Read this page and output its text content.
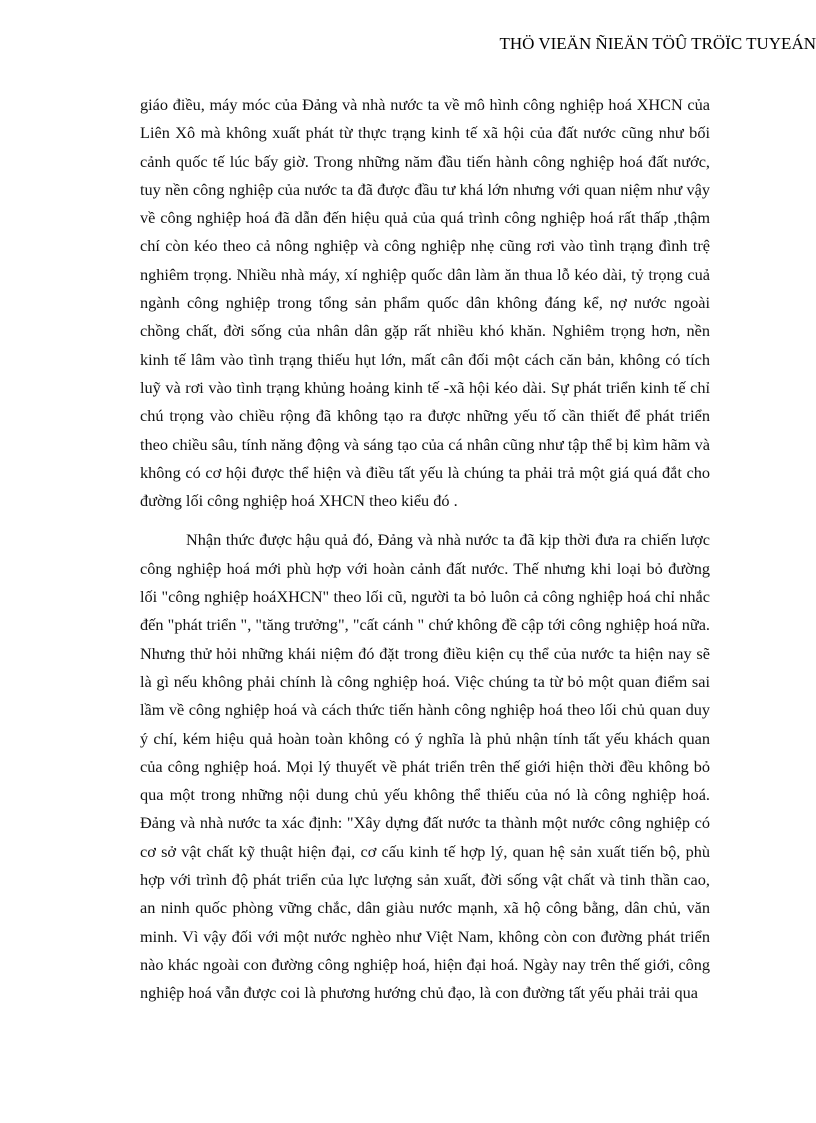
THÖ VIEÄN ÑIEÄN TÖÛ TRÖÏC TUYEÁN

giáo điều, máy móc của Đảng và nhà nước ta về mô hình công nghiệp hoá XHCN của Liên Xô mà không xuất phát từ thực trạng kinh tế xã hội của đất nước cũng như bối cảnh quốc tế lúc bấy giờ. Trong những năm đầu tiến hành công nghiệp hoá đất nước, tuy nền công nghiệp của nước ta đã được đầu tư khá lớn nhưng với quan niệm như vậy về công nghiệp hoá đã dẫn đến hiệu quả của quá trình công nghiệp hoá rất thấp ,thậm chí còn kéo theo cả nông nghiệp và công nghiệp nhẹ cũng rơi vào tình trạng đình trệ nghiêm trọng. Nhiều nhà máy, xí nghiệp quốc dân làm ăn thua lỗ kéo dài, tỷ trọng cuả ngành công nghiệp trong tổng sản phẩm quốc dân không đáng kể, nợ nước ngoài chồng chất, đời sống của nhân dân gặp rất nhiều khó khăn. Nghiêm trọng hơn, nền kinh tế lâm vào tình trạng thiếu hụt lớn, mất cân đối một cách căn bản, không có tích luỹ và rơi vào tình trạng khủng hoảng kinh tế -xã hội kéo dài. Sự phát triển kinh tế chỉ chú trọng vào chiều rộng đã không tạo ra được những yếu tố cần thiết để phát triển theo chiều sâu, tính năng động và sáng tạo của cá nhân cũng như tập thể bị kìm hãm và không có cơ hội được thể hiện và điều tất yếu là chúng ta phải trả một giá quá đắt cho đường lối công nghiệp hoá XHCN theo kiểu đó .

Nhận thức được hậu quả đó, Đảng và nhà nước ta đã kịp thời đưa ra chiến lược công nghiệp hoá mới phù hợp với hoàn cảnh đất nước. Thế nhưng khi loại bỏ đường lối "công nghiệp hoáXHCN" theo lối cũ, người ta bỏ luôn cả công nghiệp hoá chỉ nhắc đến "phát triển ", "tăng trưởng", "cất cánh " chứ không đề cập tới công nghiệp hoá nữa. Nhưng thử hỏi những khái niệm đó đặt trong điều kiện cụ thể của nước ta hiện nay sẽ là gì nếu không phải chính là công nghiệp hoá. Việc chúng ta từ bỏ một quan điểm sai lầm về công nghiệp hoá và cách thức tiến hành công nghiệp hoá theo lối chủ quan duy ý chí, kém hiệu quả hoàn toàn không có ý nghĩa là phủ nhận tính tất yếu khách quan của công nghiệp hoá. Mọi lý thuyết về phát triển trên thế giới hiện thời đều không bỏ qua một trong những nội dung chủ yếu không thể thiếu của nó là công nghiệp hoá. Đảng và nhà nước ta xác định: "Xây dựng đất nước ta thành một nước công nghiệp có cơ sở vật chất kỹ thuật hiện đại, cơ cấu kinh tế hợp lý, quan hệ sản xuất tiến bộ, phù hợp với trình độ phát triển của lực lượng sản xuất, đời sống vật chất và tinh thần cao, an ninh quốc phòng vững chắc, dân giàu nước mạnh, xã hộ công bằng, dân chủ, văn minh. Vì vậy đối với một nước nghèo như Việt Nam, không còn con đường phát triển nào khác ngoài con đường công nghiệp hoá, hiện đại hoá. Ngày nay trên thế giới, công nghiệp hoá vẫn được coi là phương hướng chủ đạo, là con đường tất yếu phải trải qua
